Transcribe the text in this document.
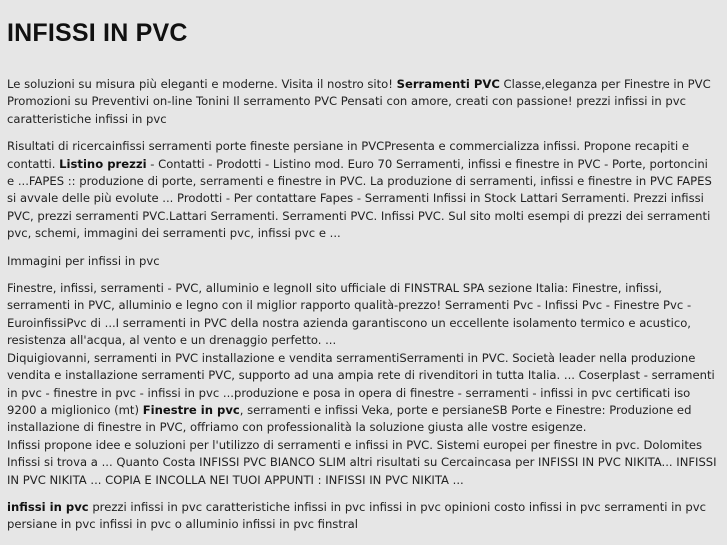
INFISSI IN PVC

Le soluzioni su misura più eleganti e moderne. Visita il nostro sito! Serramenti PVC Classe,eleganza per Finestre in PVC Promozioni su Preventivi on-line Tonini Il serramento PVC Pensati con amore, creati con passione! prezzi infissi in pvc caratteristiche infissi in pvc

Risultati di ricercainfissi serramenti porte fineste persiane in PVCPresenta e commercializza infissi. Propone recapiti e contatti. Listino prezzi - Contatti - Prodotti - Listino mod. Euro 70 Serramenti, infissi e finestre in PVC - Porte, portoncini e ...FAPES :: produzione di porte, serramenti e finestre in PVC. La produzione di serramenti, infissi e finestre in PVC FAPES si avvale delle più evolute ... Prodotti - Per contattare Fapes - Serramenti Infissi in Stock Lattari Serramenti. Prezzi infissi PVC, prezzi serramenti PVC.Lattari Serramenti. Serramenti PVC. Infissi PVC. Sul sito molti esempi di prezzi dei serramenti pvc, schemi, immagini dei serramenti pvc, infissi pvc e ...

Immagini per infissi in pvc

Finestre, infissi, serramenti - PVC, alluminio e legnoIl sito ufficiale di FINSTRAL SPA sezione Italia: Finestre, infissi, serramenti in PVC, alluminio e legno con il miglior rapporto qualità-prezzo! Serramenti Pvc - Infissi Pvc - Finestre Pvc - EuroinfissiPvc di ...I serramenti in PVC della nostra azienda garantiscono un eccellente isolamento termico e acustico, resistenza all'acqua, al vento e un drenaggio perfetto. ...

Diquigiovanni, serramenti in PVC installazione e vendita serramentiSerramenti in PVC. Società leader nella produzione vendita e installazione serramenti PVC, supporto ad una ampia rete di rivenditori in tutta Italia. ... Coserplast - serramenti in pvc - finestre in pvc - infissi in pvc ...produzione e posa in opera di finestre - serramenti - infissi in pvc certificati iso 9200 a miglionico (mt) Finestre in pvc, serramenti e infissi Veka, porte e persianeSB Porte e Finestre: Produzione ed installazione di finestre in PVC, offriamo con professionalità la soluzione giusta alle vostre esigenze.

Infissi propone idee e soluzioni per l'utilizzo di serramenti e infissi in PVC. Sistemi europei per finestre in pvc. Dolomites Infissi si trova a ... Quanto Costa INFISSI PVC BIANCO SLIM altri risultati su Cercaincasa per INFISSI IN PVC NIKITA... INFISSI IN PVC NIKITA ... COPIA E INCOLLA NEI TUOI APPUNTI : INFISSI IN PVC NIKITA ...

infissi in pvc prezzi infissi in pvc caratteristiche infissi in pvc infissi in pvc opinioni costo infissi in pvc serramenti in pvc persiane in pvc infissi in pvc o alluminio infissi in pvc finstral
